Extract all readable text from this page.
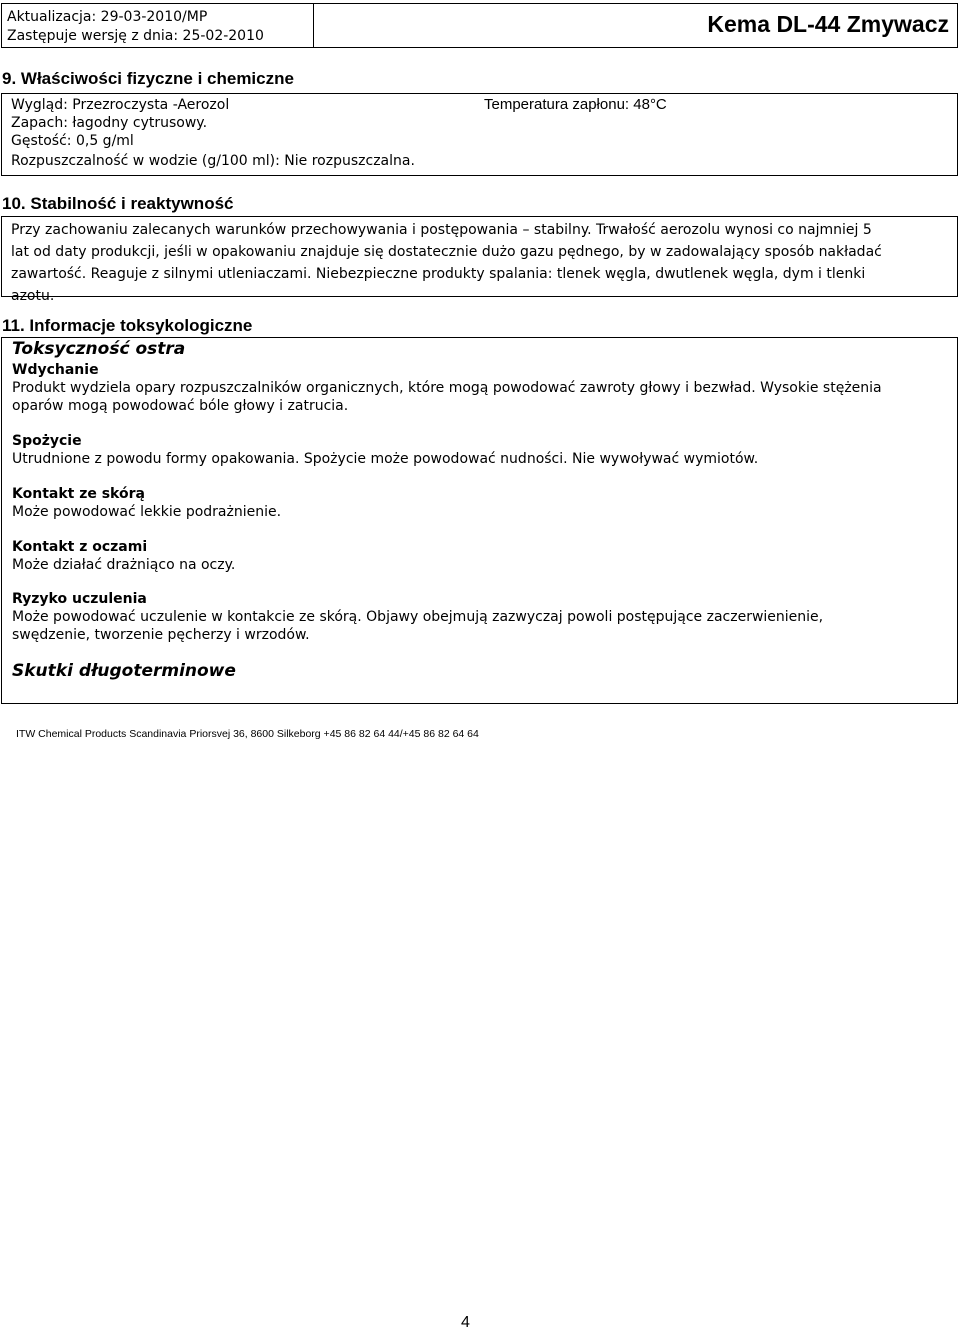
Aktualizacja: 29-03-2010/MP
Zastępuje wersję z dnia: 25-02-2010	Kema DL-44 Zmywacz
9. Właściwości fizyczne i chemiczne
Wygląd: Przezroczysta -Aerozol
Zapach: łagodny cytrusowy.
Gęstość: 0,5 g/ml
Rozpuszczalność w wodzie (g/100 ml): Nie rozpuszczalna.
Temperatura zapłonu: 48°C
10. Stabilność i reaktywność

Przy zachowaniu zalecanych warunków przechowywania i postępowania – stabilny. Trwałość aerozolu wynosi co najmniej 5
lat od daty produkcji, jeśli w opakowaniu znajduje się dostatecznie dużo gazu pędnego, by w zadowalający sposób nakładać
zawartość. Reaguje z silnymi utleniaczami. Niebezpieczne produkty spalania: tlenek węgla, dwutlenek węgla, dym i tlenki
azotu.

11. Informacje toksykologiczne
Toksyczność ostra
Wdychanie

Produkt wydziela opary rozpuszczalników organicznych, które mogą powodować zawroty głowy i bezwład. Wysokie stężenia
oparów mogą powodować bóle głowy i zatrucia.

Spożycie

Utrudnione z powodu formy opakowania. Spożycie może powodować nudności. Nie wywoływać wymiotów.

Kontakt ze skórą

Może powodować lekkie podrażnienie.

Kontakt z oczami

Może działać drażniąco na oczy.

Ryzyko uczulenia

Może powodować uczulenie w kontakcie ze skórą. Objawy obejmują zazwyczaj powoli postępujące zaczerwienienie,
swędzenie, tworzenie pęcherzy i wrzodów.

Skutki długoterminowe
ITW Chemical Products Scandinavia Priorsvej 36, 8600 Silkeborg +45 86 82 64 44/+45 86 82 64 64
4
